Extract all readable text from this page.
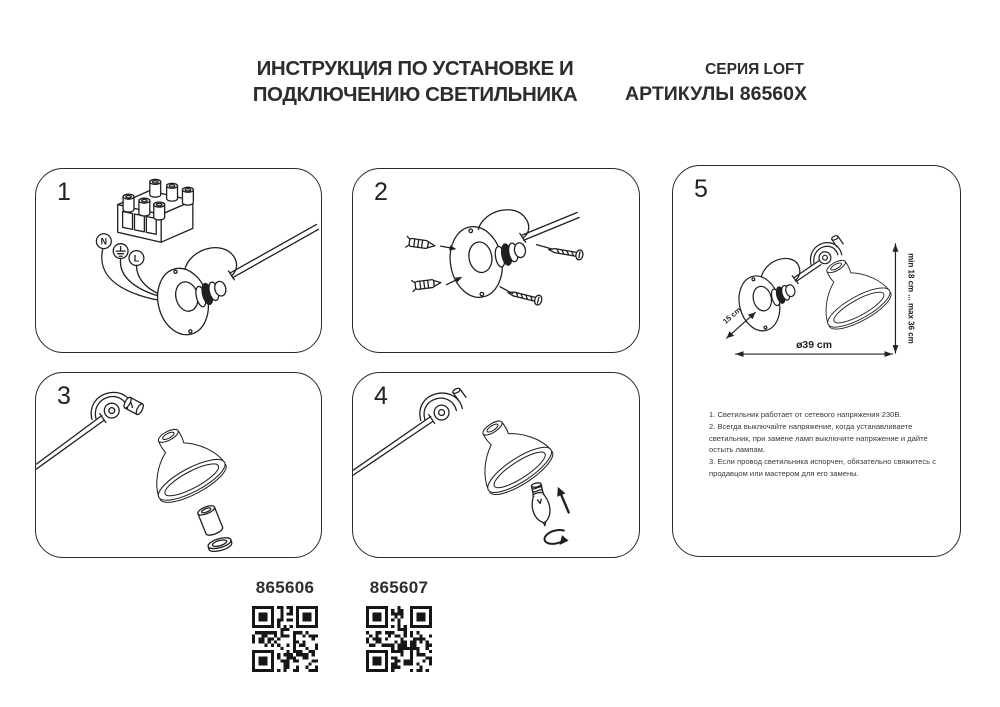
ИНСТРУКЦИЯ ПО УСТАНОВКЕ И
ПОДКЛЮЧЕНИЮ СВЕТИЛЬНИКА
СЕРИЯ LOFT
АРТИКУЛЫ 86560X
1
N
L
2
3	4
5
min 18 cm ... max 36 cm
ø39 cm
15 cm

1. Светильник работает от сетевого напряжения 230В.

2. Всегда выключайте напряжение, когда устанавливаете светильник, при замене ламп выключите напряжение и дайте остыть лампам.

3. Если провод светильника испорчен, обязательно свяжитесь с продавцом или мастером для его замены.

865606	865607
